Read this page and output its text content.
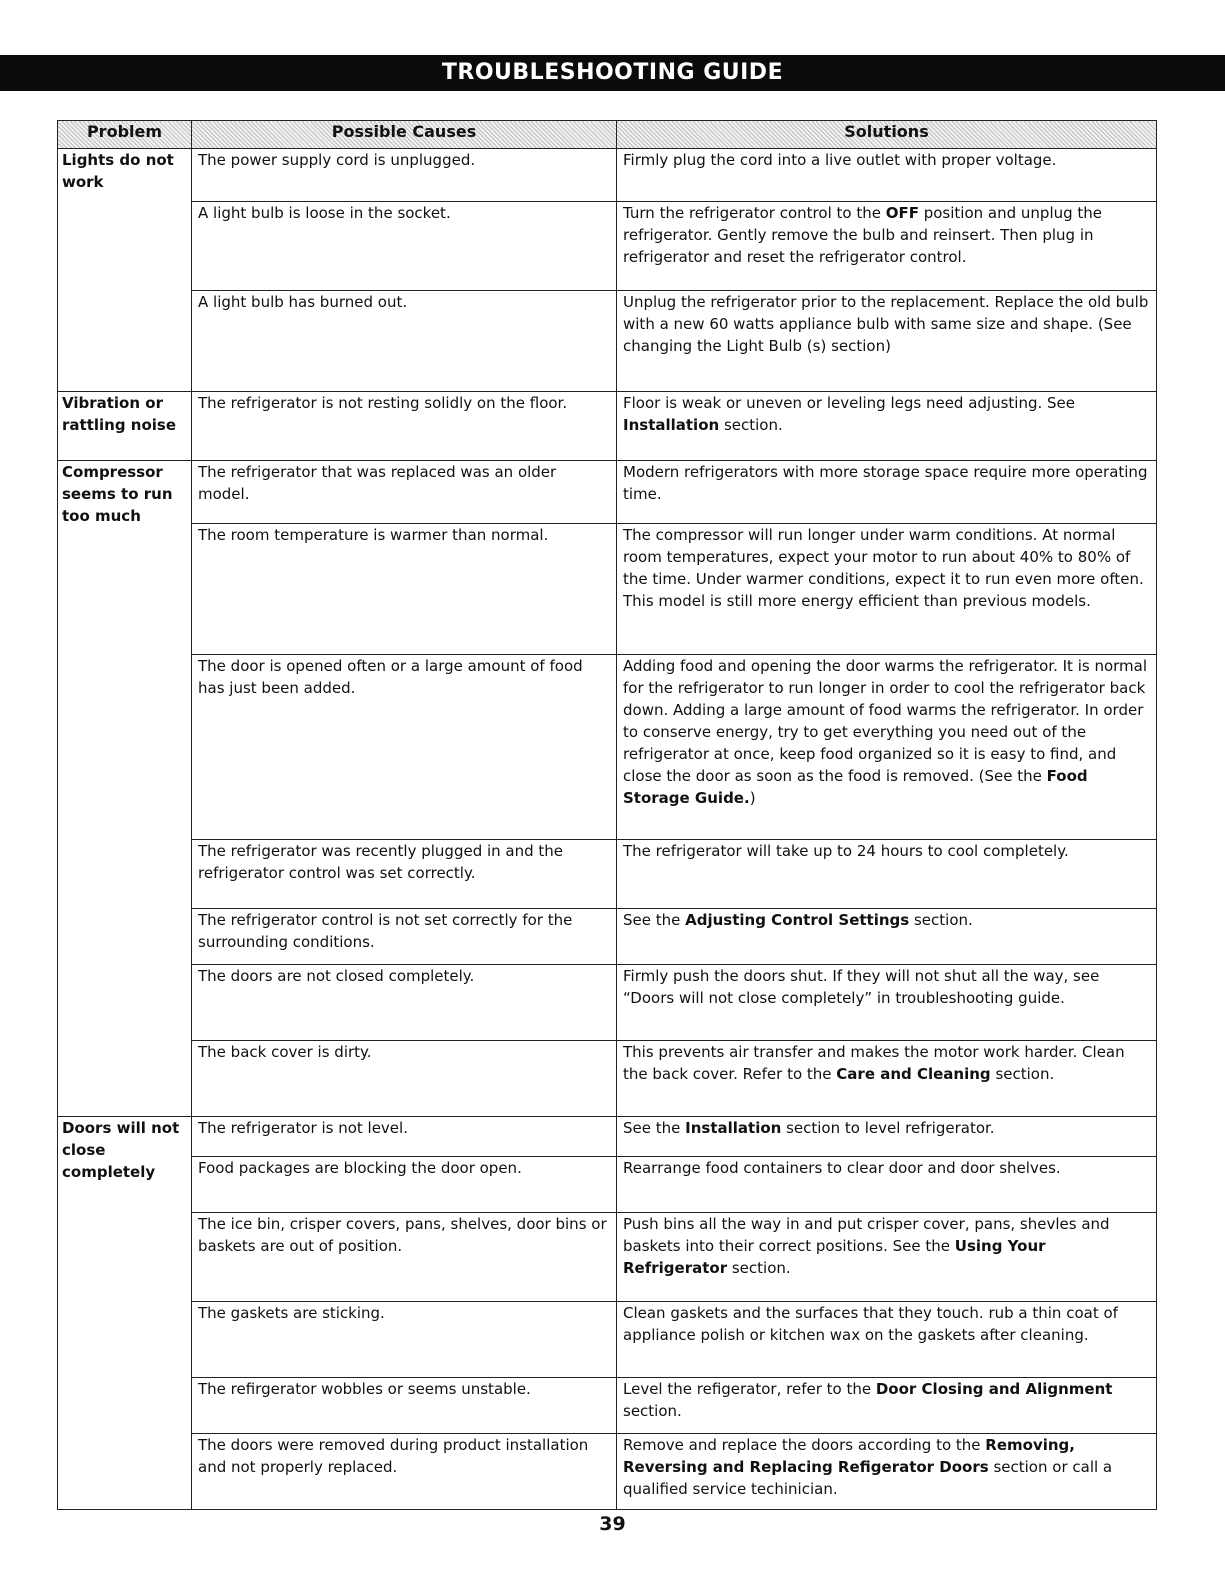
TROUBLESHOOTING GUIDE
Problem	Possible Causes	Solutions
Lights do not work	The power supply cord is unplugged.	Firmly plug the cord into a live outlet with proper voltage.
	A light bulb is loose in the socket.	Turn the refrigerator control to the OFF position and unplug the refrigerator. Gently remove the bulb and reinsert. Then plug in refrigerator and reset the refrigerator control.
	A light bulb has burned out.	Unplug the refrigerator prior to the replacement. Replace the old bulb with a new 60 watts appliance bulb with same size and shape. (See changing the Light Bulb (s) section)
Vibration or rattling noise	The refrigerator is not resting solidly on the floor.	Floor is weak or uneven or leveling legs need adjusting. See Installation section.
Compressor seems to run too much	The refrigerator that was replaced was an older model.	Modern refrigerators with more storage space require more operating time.
	The room temperature is warmer than normal.	The compressor will run longer under warm conditions. At normal room temperatures, expect your motor to run about 40% to 80% of the time. Under warmer conditions, expect it to run even more often. This model is still more energy efficient than previous models.
	The door is opened often or a large amount of food has just been added.	Adding food and opening the door warms the refrigerator. It is normal for the refrigerator to run longer in order to cool the refrigerator back down. Adding a large amount of food warms the refrigerator. In order to conserve energy, try to get everything you need out of the refrigerator at once, keep food organized so it is easy to find, and close the door as soon as the food is removed. (See the Food Storage Guide.)
	The refrigerator was recently plugged in and the refrigerator control was set correctly.	The refrigerator will take up to 24 hours to cool completely.
	The refrigerator control is not set correctly for the surrounding conditions.	See the Adjusting Control Settings section.
	The doors are not closed completely.	Firmly push the doors shut. If they will not shut all the way, see “Doors will not close completely” in troubleshooting guide.
	The back cover is dirty.	This prevents air transfer and makes the motor work harder. Clean the back cover. Refer to the Care and Cleaning section.
Doors will not close completely	The refrigerator is not level.	See the Installation section to level refrigerator.
	Food packages are blocking the door open.	Rearrange food containers to clear door and door shelves.
	The ice bin, crisper covers, pans, shelves, door bins or baskets are out of position.	Push bins all the way in and put crisper cover, pans, shevles and baskets into their correct positions. See the Using Your Refrigerator section.
	The gaskets are sticking.	Clean gaskets and the surfaces that they touch. rub a thin coat of appliance polish or kitchen wax on the gaskets after cleaning.
	The refirgerator wobbles or seems unstable.	Level the refigerator, refer to the Door Closing and Alignment section.
	The doors were removed during product installation and not properly replaced.	Remove and replace the doors according to the Removing, Reversing and Replacing Refigerator Doors section or call a qualified service techinician.
39
